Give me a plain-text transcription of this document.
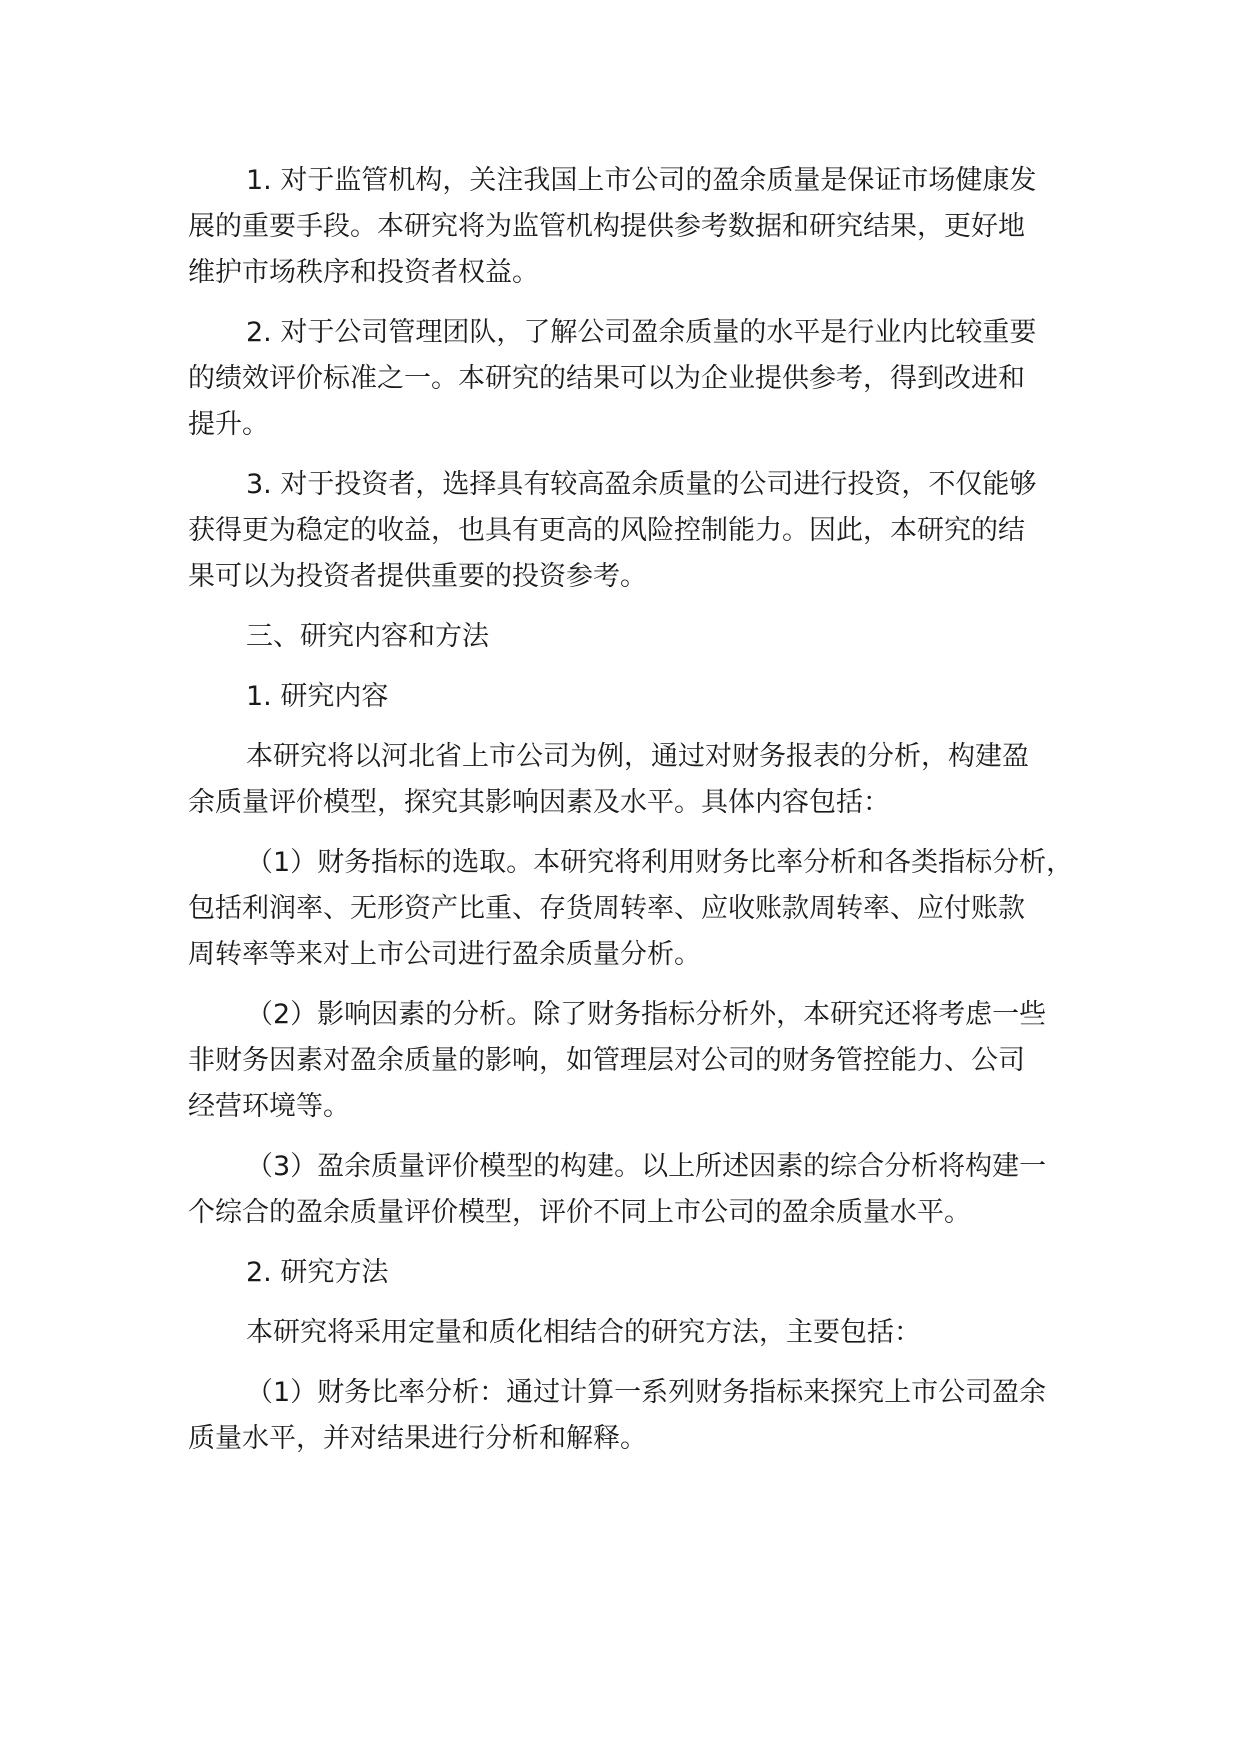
1. 对于监管机构，关注我国上市公司的盈余质量是保证市场健康发
展的重要手段。本研究将为监管机构提供参考数据和研究结果，更好地
维护市场秩序和投资者权益。
2. 对于公司管理团队，了解公司盈余质量的水平是行业内比较重要
的绩效评价标准之一。本研究的结果可以为企业提供参考，得到改进和
提升。
3. 对于投资者，选择具有较高盈余质量的公司进行投资，不仅能够
获得更为稳定的收益，也具有更高的风险控制能力。因此，本研究的结
果可以为投资者提供重要的投资参考。
三、研究内容和方法
1. 研究内容
本研究将以河北省上市公司为例，通过对财务报表的分析，构建盈
余质量评价模型，探究其影响因素及水平。具体内容包括：
（1）财务指标的选取。本研究将利用财务比率分析和各类指标分析，
包括利润率、无形资产比重、存货周转率、应收账款周转率、应付账款
周转率等来对上市公司进行盈余质量分析。
（2）影响因素的分析。除了财务指标分析外，本研究还将考虑一些
非财务因素对盈余质量的影响，如管理层对公司的财务管控能力、公司
经营环境等。
（3）盈余质量评价模型的构建。以上所述因素的综合分析将构建一
个综合的盈余质量评价模型，评价不同上市公司的盈余质量水平。
2. 研究方法
本研究将采用定量和质化相结合的研究方法，主要包括：
（1）财务比率分析：通过计算一系列财务指标来探究上市公司盈余
质量水平，并对结果进行分析和解释。
